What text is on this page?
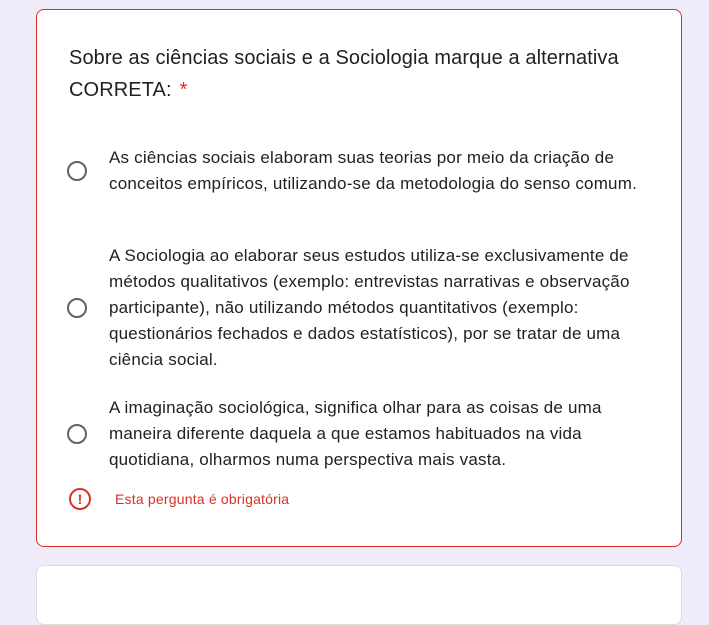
Sobre as ciências sociais e a Sociologia marque a alternativa CORRETA: *
As ciências sociais elaboram suas teorias por meio da criação de conceitos empíricos, utilizando-se da metodologia do senso comum.
A Sociologia ao elaborar seus estudos utiliza-se exclusivamente de métodos qualitativos (exemplo: entrevistas narrativas e observação participante), não utilizando métodos quantitativos (exemplo: questionários fechados e dados estatísticos), por se tratar de uma ciência social.
A imaginação sociológica, significa olhar para as coisas de uma maneira diferente daquela a que estamos habituados na vida quotidiana, olharmos numa perspectiva mais vasta.
!	Esta pergunta é obrigatória
